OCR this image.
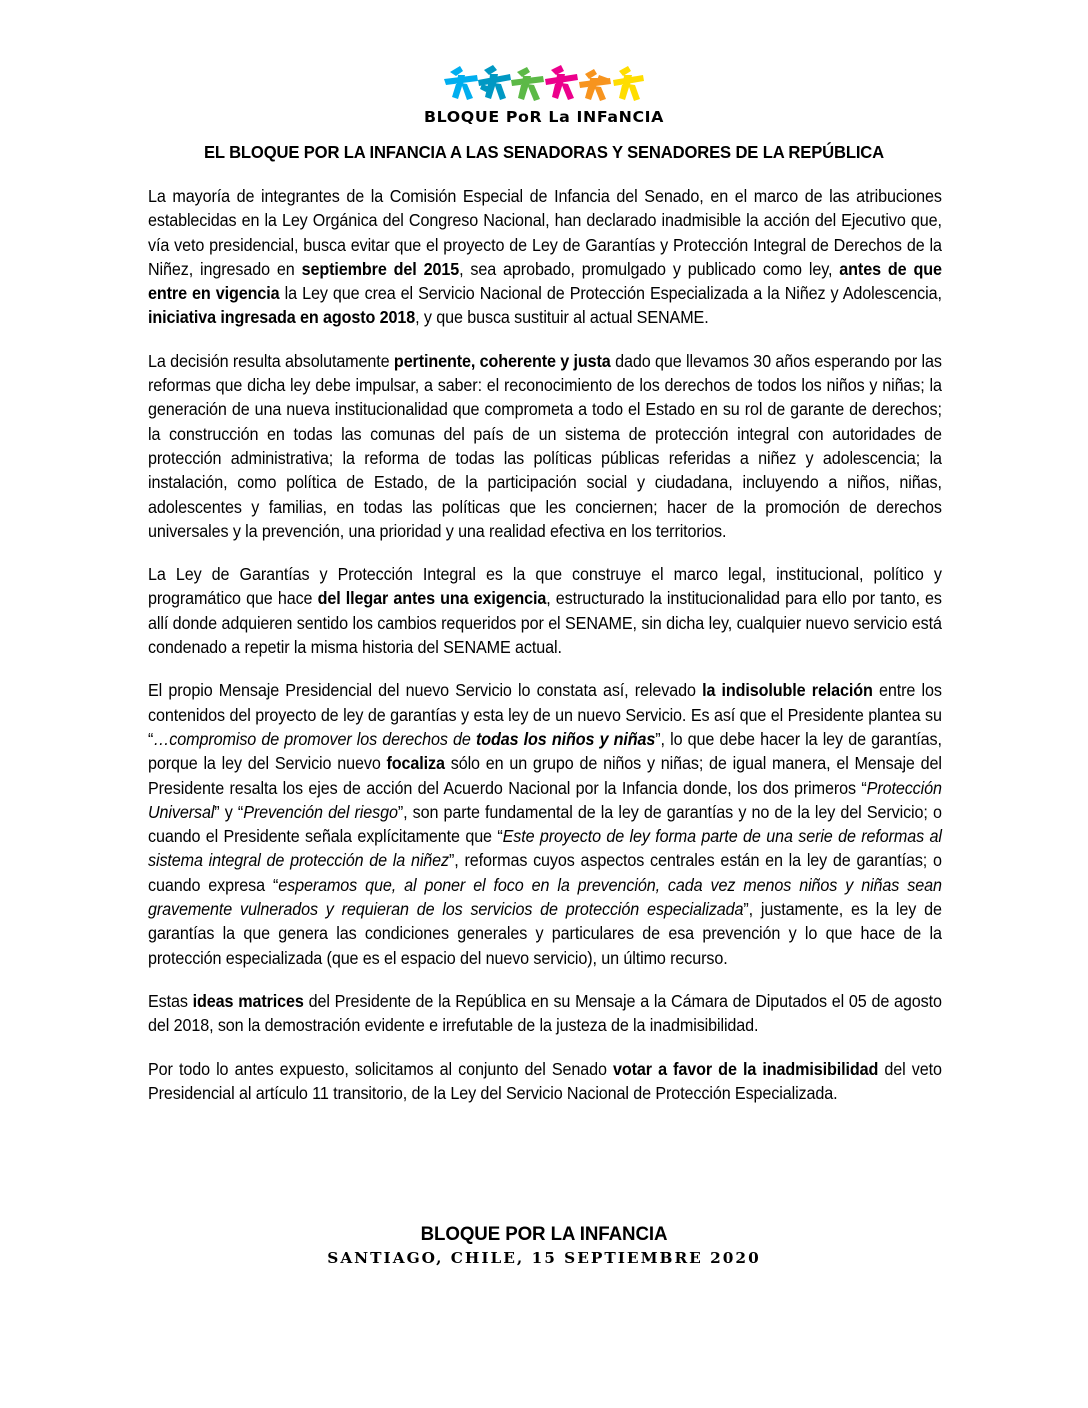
BLOQUE PoR La INFaNCIA
EL BLOQUE POR LA INFANCIA A LAS SENADORAS Y SENADORES DE LA REPÚBLICA

La mayoría de integrantes de la Comisión Especial de Infancia del Senado, en el marco de las atribuciones establecidas en la Ley Orgánica del Congreso Nacional, han declarado inadmisible la acción del Ejecutivo que, vía veto presidencial, busca evitar que el proyecto de Ley de Garantías y Protección Integral de Derechos de la Niñez, ingresado en septiembre del 2015, sea aprobado, promulgado y publicado como ley, antes de que entre en vigencia la Ley que crea el Servicio Nacional de Protección Especializada a la Niñez y Adolescencia, iniciativa ingresada en agosto 2018, y que busca sustituir al actual SENAME.

La decisión resulta absolutamente pertinente, coherente y justa dado que llevamos 30 años esperando por las reformas que dicha ley debe impulsar, a saber: el reconocimiento de los derechos de todos los niños y niñas; la generación de una nueva institucionalidad que comprometa a todo el Estado en su rol de garante de derechos; la construcción en todas las comunas del país de un sistema de protección integral con autoridades de protección administrativa; la reforma de todas las políticas públicas referidas a niñez y adolescencia; la instalación, como política de Estado, de la participación social y ciudadana, incluyendo a niños, niñas, adolescentes y familias, en todas las políticas que les conciernen; hacer de la promoción de derechos universales y la prevención, una prioridad y una realidad efectiva en los territorios.

La Ley de Garantías y Protección Integral es la que construye el marco legal, institucional, político y programático que hace del llegar antes una exigencia, estructurado la institucionalidad para ello por tanto, es allí donde adquieren sentido los cambios requeridos por el SENAME, sin dicha ley, cualquier nuevo servicio está condenado a repetir la misma historia del SENAME actual.

El propio Mensaje Presidencial del nuevo Servicio lo constata así, relevado la indisoluble relación entre los contenidos del proyecto de ley de garantías y esta ley de un nuevo Servicio. Es así que el Presidente plantea su “…compromiso de promover los derechos de todas los niños y niñas”, lo que debe hacer la ley de garantías, porque la ley del Servicio nuevo focaliza sólo en un grupo de niños y niñas; de igual manera, el Mensaje del Presidente resalta los ejes de acción del Acuerdo Nacional por la Infancia donde, los dos primeros “Protección Universal” y “Prevención del riesgo”, son parte fundamental de la ley de garantías y no de la ley del Servicio; o cuando el Presidente señala explícitamente que “Este proyecto de ley forma parte de una serie de reformas al sistema integral de protección de la niñez”, reformas cuyos aspectos centrales están en la ley de garantías; o cuando expresa “esperamos que, al poner el foco en la prevención, cada vez menos niños y niñas sean gravemente vulnerados y requieran de los servicios de protección especializada”, justamente, es la ley de garantías la que genera las condiciones generales y particulares de esa prevención y lo que hace de la protección especializada (que es el espacio del nuevo servicio), un último recurso.

Estas ideas matrices del Presidente de la República en su Mensaje a la Cámara de Diputados el 05 de agosto del 2018, son la demostración evidente e irrefutable de la justeza de la inadmisibilidad.

Por todo lo antes expuesto, solicitamos al conjunto del Senado votar a favor de la inadmisibilidad del veto Presidencial al artículo 11 transitorio, de la Ley del Servicio Nacional de Protección Especializada.

BLOQUE POR LA INFANCIA
SANTIAGO, CHILE, 15 SEPTIEMBRE 2020
